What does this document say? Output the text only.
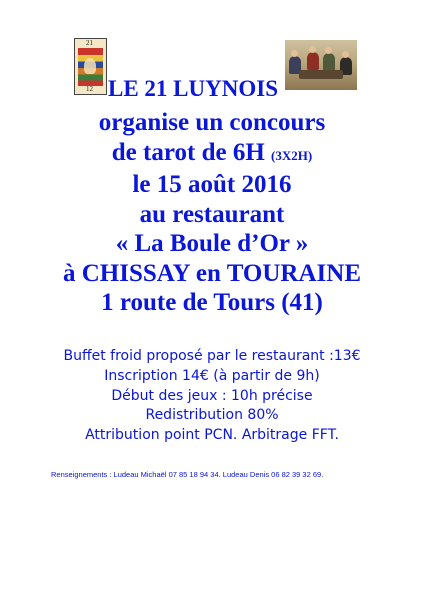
21
12 LE 21 LUYNOIS
organise un concours
de tarot de 6H (3X2H)
le 15 août 2016
au restaurant
« La Boule d’Or »
à CHISSAY en TOURAINE
1 route de Tours (41)
Buffet froid proposé par le restaurant :13€
Inscription 14€ (à partir de 9h)
Début des jeux : 10h précise
Redistribution 80%
Attribution point PCN. Arbitrage FFT.
Renseignements : Ludeau Michaël 07 85 18 94 34. Ludeau Denis 06 82 39 32 69.
